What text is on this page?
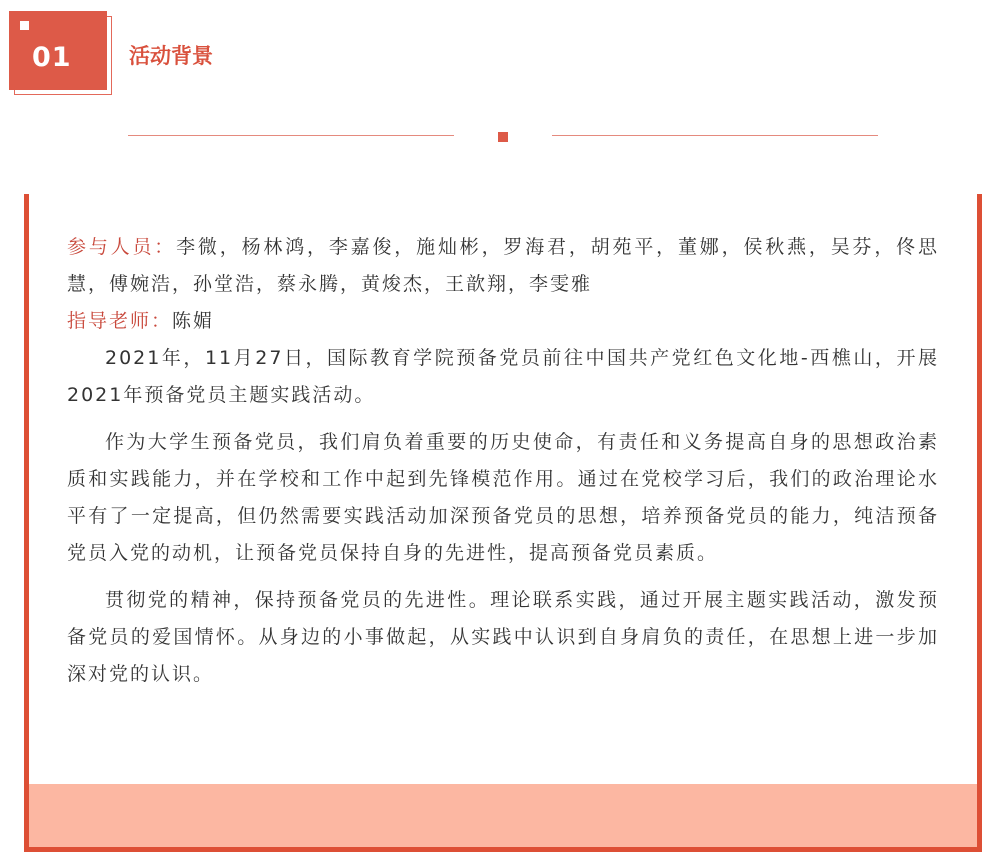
01	活动背景

参与人员：李微，杨林鸿，李嘉俊，施灿彬，罗海君，胡苑平，董娜，侯秋燕，吴芬，佟思慧，傅婉浩，孙堂浩，蔡永腾，黄焌杰，王歆翔，李雯雅

指导老师：陈媚

2021年，11月27日，国际教育学院预备党员前往中国共产党红色文化地-西樵山，开展2021年预备党员主题实践活动。

作为大学生预备党员，我们肩负着重要的历史使命，有责任和义务提高自身的思想政治素质和实践能力，并在学校和工作中起到先锋模范作用。通过在党校学习后，我们的政治理论水平有了一定提高，但仍然需要实践活动加深预备党员的思想，培养预备党员的能力，纯洁预备党员入党的动机，让预备党员保持自身的先进性，提高预备党员素质。

贯彻党的精神，保持预备党员的先进性。理论联系实践，通过开展主题实践活动，激发预备党员的爱国情怀。从身边的小事做起，从实践中认识到自身肩负的责任，在思想上进一步加深对党的认识。
